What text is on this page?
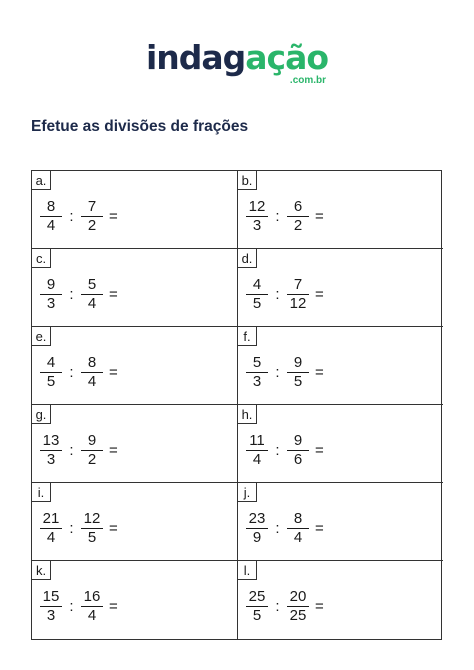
indagação
.com.br
Efetue as divisões de frações
a.
$\frac{8}{4}$ : $\frac{7}{2}$ =	$\frac{b.}{\frac{12}{3} : \frac{6}{2} =}$
$\frac{c.}{\frac{9}{3} : \frac{5}{4} =} \frac{d.}{\frac{4}{5} : \frac{7}{12} =}$
$\frac{e.}{\frac{4}{5} : \frac{8}{4} =} \frac{f.}{\frac{5}{3} : \frac{9}{5} =}$
$\frac{g.}{\frac{13}{3} : \frac{9}{2} =} \frac{h.}{\frac{11}{4} : \frac{9}{6} =}$
$\frac{i.}{\frac{21}{4} : \frac{12}{5} =} \frac{j.}{\frac{23}{9} : \frac{8}{4} =}$
$\frac{k.}{\frac{15}{3} : \frac{16}{4} =} \frac{l.}{\frac{25}{5} : \frac{20}{25} =}$
